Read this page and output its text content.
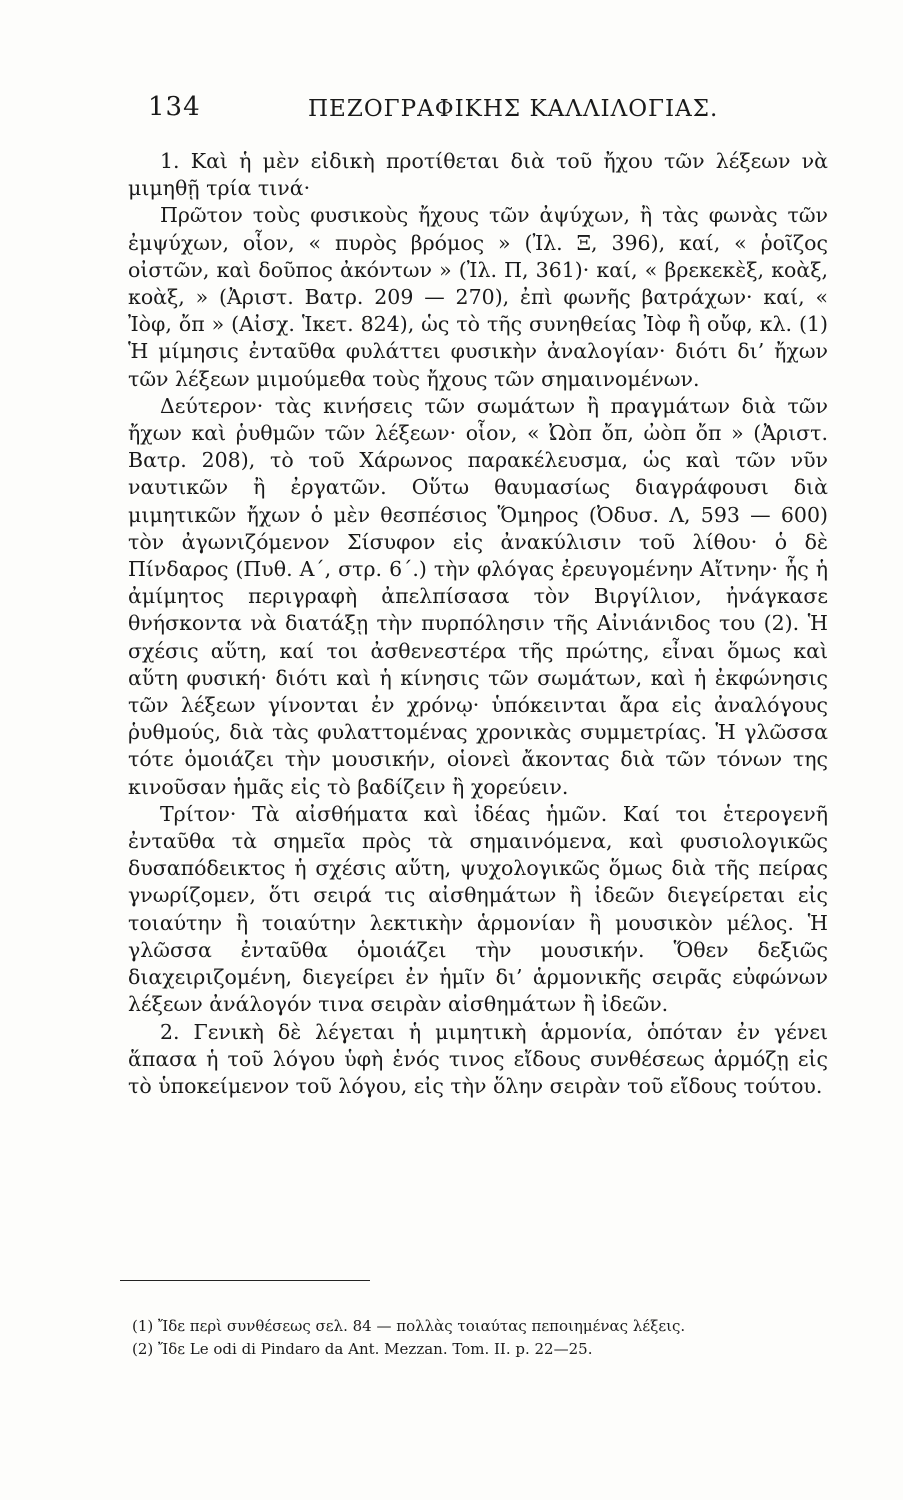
134	ΠΕΖΟΓΡΑΦΙΚΗΣ ΚΑΛΛΙΛΟΓΙΑΣ.

1. Καὶ ἡ μὲν εἰδικὴ προτίθεται διὰ τοῦ ἤχου τῶν λέξεων νὰ μιμηθῇ τρία τινά·

Πρῶτον τοὺς φυσικοὺς ἤχους τῶν ἀψύχων, ἢ τὰς φωνὰς τῶν ἐμψύχων, οἷον, « πυρὸς βρόμος » (Ἰλ. Ξ, 396), καί, « ῥοῖζος οἰστῶν, καὶ δοῦπος ἀκόντων » (Ἰλ. Π, 361)· καί, « βρεκεκὲξ, κοὰξ, κοὰξ, » (Ἀριστ. Βατρ. 209 — 270), ἐπὶ φωνῆς βατράχων· καί, « Ἰὸφ, ὄπ » (Αἰσχ. Ἱκετ. 824), ὡς τὸ τῆς συνηθείας Ἰὸφ ἢ οὔφ, κλ. (1) Ἡ μίμησις ἐνταῦθα φυλάττει φυσικὴν ἀναλογίαν· διότι δι’ ἤχων τῶν λέξεων μιμούμεθα τοὺς ἤχους τῶν σημαινομένων.

Δεύτερον· τὰς κινήσεις τῶν σωμάτων ἢ πραγμάτων διὰ τῶν ἤχων καὶ ῥυθμῶν τῶν λέξεων· οἷον, « Ὠὸπ ὄπ, ὠὸπ ὄπ » (Ἀριστ. Βατρ. 208), τὸ τοῦ Χάρωνος παρακέλευσμα, ὡς καὶ τῶν νῦν ναυτικῶν ἢ ἐργατῶν. Οὕτω θαυμασίως διαγράφουσι διὰ μιμητικῶν ἤχων ὁ μὲν θεσπέσιος Ὅμηρος (Ὀδυσ. Λ, 593 — 600) τὸν ἀγωνιζόμενον Σίσυφον εἰς ἀνακύλισιν τοῦ λίθου· ὁ δὲ Πίνδαρος (Πυθ. Α΄, στρ. 6΄.) τὴν φλόγας ἐρευγομένην Αἴτνην· ἧς ἡ ἀμίμητος περιγραφὴ ἀπελπίσασα τὸν Βιργίλιον, ἠνάγκασε θνήσκοντα νὰ διατάξῃ τὴν πυρπόλησιν τῆς Αἰνιάνιδος του (2). Ἡ σχέσις αὕτη, καί τοι ἀσθενεστέρα τῆς πρώτης, εἶναι ὅμως καὶ αὕτη φυσική· διότι καὶ ἡ κίνησις τῶν σωμάτων, καὶ ἡ ἐκφώνησις τῶν λέξεων γίνονται ἐν χρόνῳ· ὑπόκεινται ἄρα εἰς ἀναλόγους ῥυθμούς, διὰ τὰς φυλαττομένας χρονικὰς συμμετρίας. Ἡ γλῶσσα τότε ὁμοιάζει τὴν μουσικήν, οἱονεὶ ἄκοντας διὰ τῶν τόνων της κινοῦσαν ἡμᾶς εἰς τὸ βαδίζειν ἢ χορεύειν.

Τρίτον· Τὰ αἰσθήματα καὶ ἰδέας ἡμῶν. Καί τοι ἑτερογενῆ ἐνταῦθα τὰ σημεῖα πρὸς τὰ σημαινόμενα, καὶ φυσιολογικῶς δυσαπόδεικτος ἡ σχέσις αὕτη, ψυχολογικῶς ὅμως διὰ τῆς πείρας γνωρίζομεν, ὅτι σειρά τις αἰσθημάτων ἢ ἰδεῶν διεγείρεται εἰς τοιαύτην ἢ τοιαύτην λεκτικὴν ἁρμονίαν ἢ μουσικὸν μέλος. Ἡ γλῶσσα ἐνταῦθα ὁμοιάζει τὴν μουσικήν. Ὅθεν δεξιῶς διαχειριζομένη, διεγείρει ἐν ἡμῖν δι’ ἁρμονικῆς σειρᾶς εὐφώνων λέξεων ἀνάλογόν τινα σειρὰν αἰσθημάτων ἢ ἰδεῶν.

2. Γενικὴ δὲ λέγεται ἡ μιμητικὴ ἁρμονία, ὁπόταν ἐν γένει ἅπασα ἡ τοῦ λόγου ὑφὴ ἑνός τινος εἴδους συνθέσεως ἁρμόζῃ εἰς τὸ ὑποκείμενον τοῦ λόγου, εἰς τὴν ὅλην σειρὰν τοῦ εἴδους τούτου.

(1) Ἴδε περὶ συνθέσεως σελ. 84 — πολλὰς τοιαύτας πεποιημένας λέξεις.

(2) Ἴδε Le odi di Pindaro da Ant. Mezzan. Tom. II. p. 22—25.
